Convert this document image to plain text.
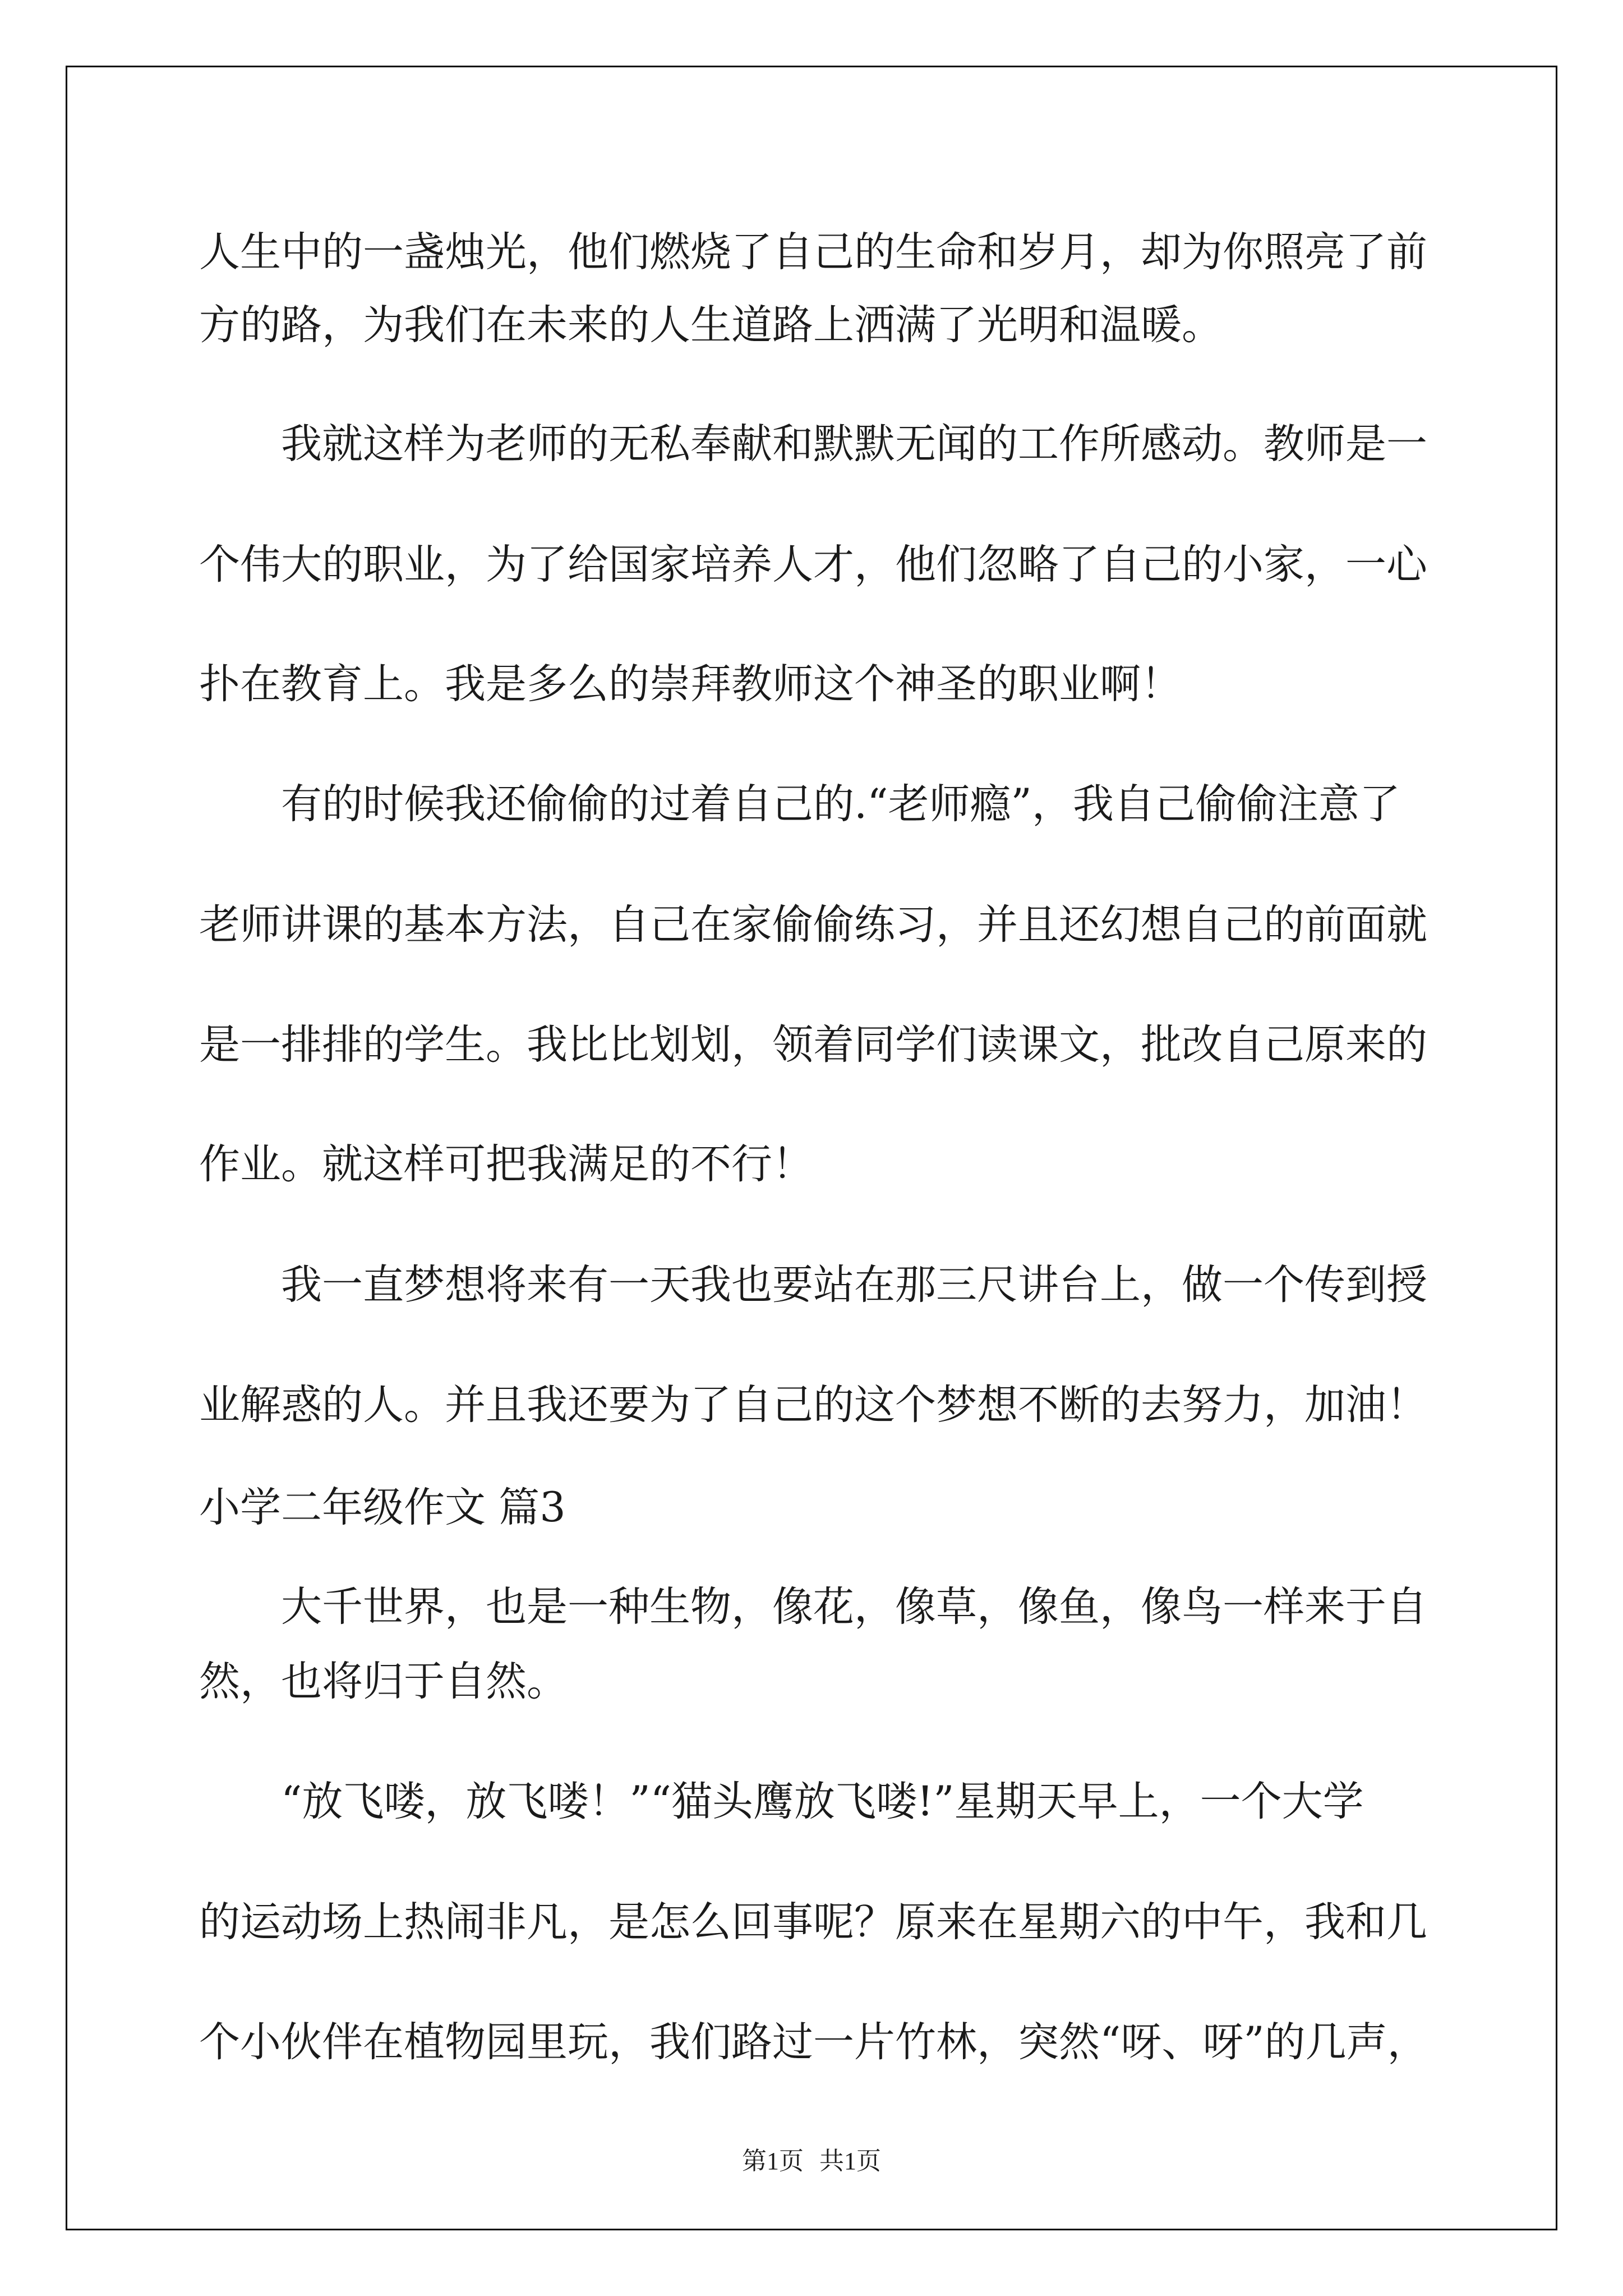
人生中的一盏烛光，他们燃烧了自己的生命和岁月，却为你照亮了前
方的路，为我们在未来的人生道路上洒满了光明和温暖。
我就这样为老师的无私奉献和默默无闻的工作所感动。教师是一
个伟大的职业，为了给国家培养人才，他们忽略了自己的小家，一心
扑在教育上。我是多么的崇拜教师这个神圣的职业啊！
有的时候我还偷偷的过着自己的.“老师瘾”，我自己偷偷注意了
老师讲课的基本方法，自己在家偷偷练习，并且还幻想自己的前面就
是一排排的学生。我比比划划，领着同学们读课文，批改自己原来的
作业。就这样可把我满足的不行！
我一直梦想将来有一天我也要站在那三尺讲台上，做一个传到授
业解惑的人。并且我还要为了自己的这个梦想不断的去努力，加油！
小学二年级作文 篇3
大千世界，也是一种生物，像花，像草，像鱼，像鸟一样来于自
然，也将归于自然。
“放飞喽，放飞喽！”“猫头鹰放飞喽!”星期天早上，一个大学
的运动场上热闹非凡，是怎么回事呢？原来在星期六的中午，我和几
个小伙伴在植物园里玩，我们路过一片竹林，突然“呀、呀”的几声，
第1页 共1页
